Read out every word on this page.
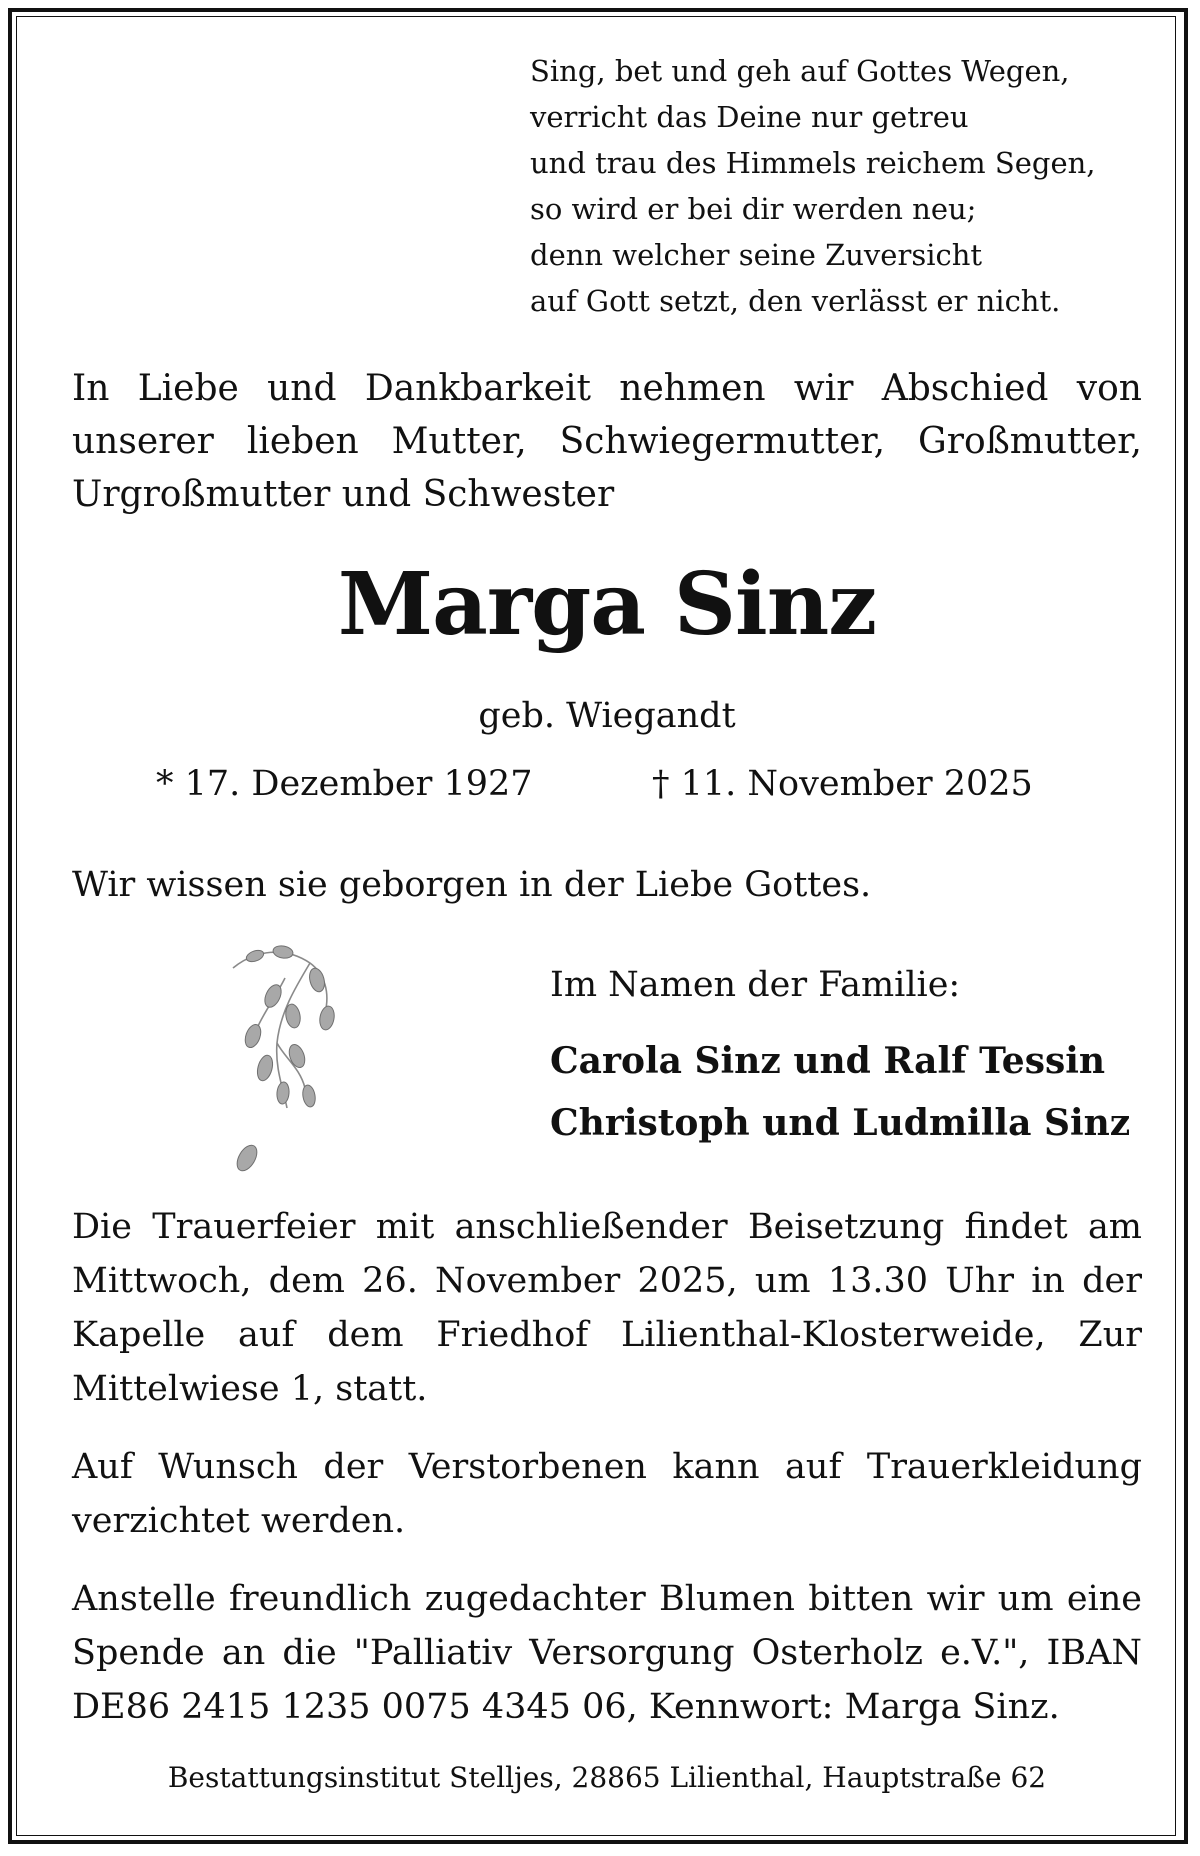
Sing, bet und geh auf Gottes Wegen,
verricht das Deine nur getreu
und trau des Himmels reichem Segen,
so wird er bei dir werden neu;
denn welcher seine Zuversicht
auf Gott setzt, den verlässt er nicht.
In Liebe und Dankbarkeit nehmen wir Abschied von unserer lieben Mutter, Schwiegermutter, Großmutter, Urgroßmutter und Schwester
Marga Sinz
geb. Wiegandt
* 17. Dezember 1927	† 11. November 2025
Wir wissen sie geborgen in der Liebe Gottes.
Im Namen der Familie:
Carola Sinz und Ralf Tessin
Christoph und Ludmilla Sinz
Die Trauerfeier mit anschließender Beisetzung findet am Mittwoch, dem 26. November 2025, um 13.30 Uhr in der Kapelle auf dem Friedhof Lilienthal-Klosterweide, Zur Mittelwiese 1, statt.
Auf Wunsch der Verstorbenen kann auf Trauerkleidung verzichtet werden.
Anstelle freundlich zugedachter Blumen bitten wir um eine Spende an die "Palliativ Versorgung Osterholz e.V.", IBAN DE86 2415 1235 0075 4345 06, Kennwort: Marga Sinz.
Bestattungsinstitut Stelljes, 28865 Lilienthal, Hauptstraße 62
